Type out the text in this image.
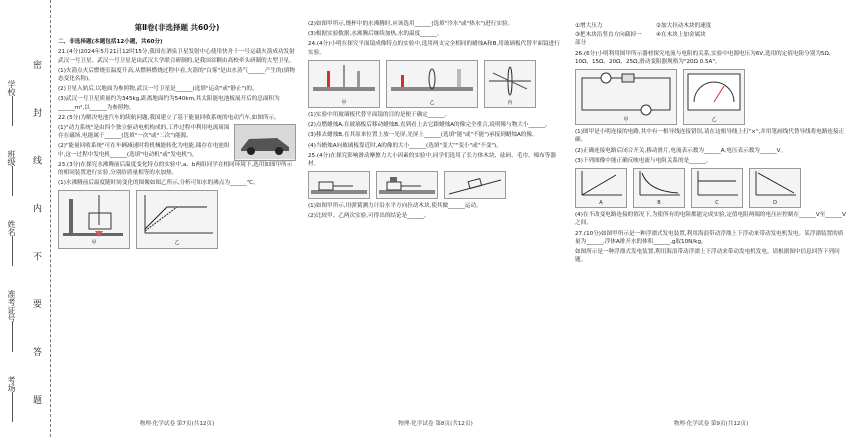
密 封 线 内 不 要 答 题
学校
班级
姓名
准考证号
考场
第Ⅱ卷(非选择题 共60分)
二、非选择题(本题包括12小题，共60分)
21.(4分)2024年5月21日12时15分,我国在酒泉卫星发射中心使用快舟十一号运载火箭成功发射武汉一号卫星。武汉一号卫星是由武汉大学联合研制的,是我国首颗由高校牵头研制的大型卫星。
(1)火箭点火后燃烧室温度升高,从燃料燃烧过程中看,火箭的"白雾"是由水蒸气______产生的(填物态变化名称)。
(2)卫星入轨后,以地面为参照物,武汉一号卫星是______(选填"运动"或"静止")的。
(3)武汉一号卫星质量约为345kg,距离地面约为540km,其太阳能电池板展开后的总面积为______m²,以______为参照物。
22.(5分)为解决电池汽车的续航问题,我国建立了基于能量回收系统的电动汽车,如图所示。
(1)"动力系统"是由四个独立驱动电机构成的,工作过程中利用电流周围存在磁场,电能属于______(选填"一次"或"二次")能源。
(2)"能量回收系统"可在车辆减速时将机械能转化为电能,储存在电池组中,这一过程中发电机______(选填"电动机"或"发电机")。
23.(3分)在探究水沸腾前后温度变化特点的实验中,a、b两组同学在相同环境下,选用如图甲所示的相同装置进行实验,分别给质量相等的水加热。
(1)水沸腾前后温度随时间变化的图像如图乙所示,分析可知水的沸点为______℃。
甲	乙
物理·化学试卷 第7页(共12页)
(2)如图甲所示,烧杯中的水沸腾时,应该选用______(选填"冷水"或"热水")进行实验。
(3)根据实验数据,水沸腾后继续加热,水的温度______。
24.(4分)小明在探究平面镜成像特点的实验中,选用两支完全相同的蜡烛A和B,用玻璃板代替平面镜进行实验。
甲	乙	丙
(1)实验中用玻璃板代替平面镜的目的是便于确定______。
(2)点燃蜡烛A,在玻璃板后移动蜡烛B,直到看上去它跟蜡烛A的像完全重合,说明像与物大小______。
(3)移去蜡烛B,在其原来位置上放一光屏,光屏上______(选填"能"或"不能")承接到蜡烛A的像。
(4)当蜡烛A向玻璃板靠近时,A的像的大小______(选填"变大""变小"或"不变")。
25.(4分)在探究影响滑动摩擦力大小因素的实验中,同学们选用了长方体木块、砝码、毛巾、棉布等器材。
(1)如图甲所示,用弹簧测力计沿水平方向拉动木块,使其做______运动。
(2)比较甲、乙两次实验,可得出的结论是______。
物理·化学试卷 第8页(共12页)
①增大压力	②加大拉动木块的速度
③把木块沿竖直方向截掉一部分
④在木块上加金属块
26.(6分)小明利用图甲所示器材探究电流与电阻的关系,实验中电源电压为6V,选用的定值电阻分别为5Ω、10Ω、15Ω、20Ω、25Ω,滑动变阻器规格为"20Ω 0.5A"。
甲	乙
(1)图甲是小明连接的电路,其中有一根导线连接错误,请在这根导线上打"×",并用笔画线代替导线将电路连接正确。
(2)正确连接电路后闭合开关,移动滑片,电流表示数为______A,电压表示数为______V。
(3)下列图像中能正确反映电流与电阻关系的是______。
A	B	C	D
(4)在不改变电路连接的情况下,为使所有的电阻都能完成实验,定值电阻两端的电压应控制在______V至______V之间。
27.(10分)如图甲所示是一种浮漂式发电装置,利用海浪带动浮漂上下浮动来带动发电机发电。某浮漂装置的质量为______,浮体A排开水的体积______,g取10N/kg。
如图所示是一种浮漂式发电装置,利用海浪带动浮漂上下浮动来带动发电机发电。请根据图中信息回答下列问题。
物理·化学试卷 第9页(共12页)
